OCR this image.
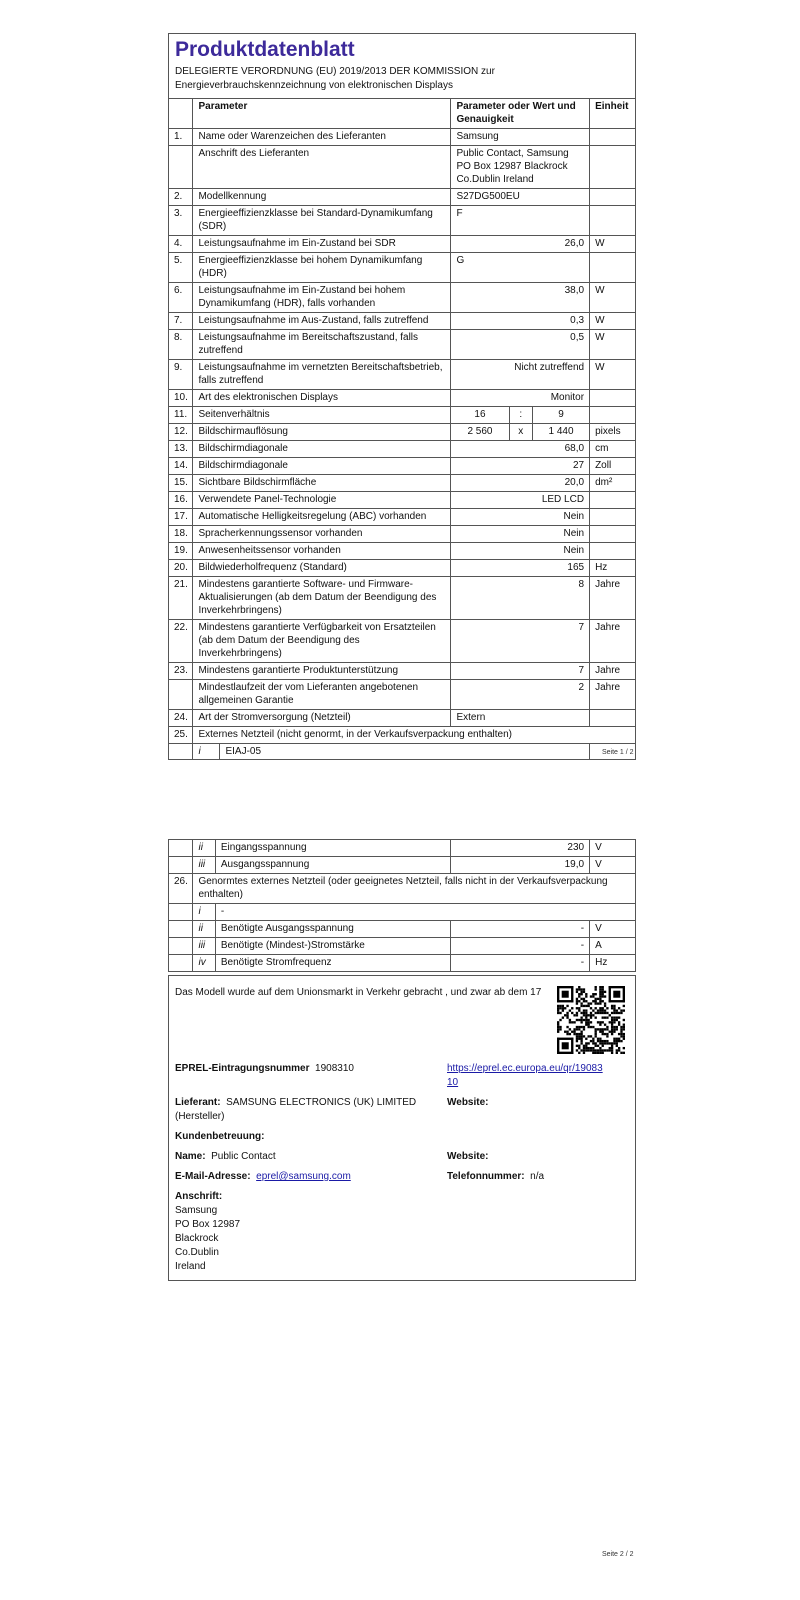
Produktdatenblatt
DELEGIERTE VERORDNUNG (EU) 2019/2013 DER KOMMISSION zur Energieverbrauchskennzeichnung von elektronischen Displays
	Parameter	Parameter oder Wert und Genauigkeit			Einheit
1.	Name oder Warenzeichen des Lieferanten	Samsung			
	Anschrift des Lieferanten	Public Contact, Samsung PO Box 12987 Blackrock Co.Dublin Ireland			
2.	Modellkennung	S27DG500EU			
3.	Energieeffizienzklasse bei Standard-Dynamikumfang (SDR)	F			
4.	Leistungsaufnahme im Ein-Zustand bei SDR	26,0			W
5.	Energieeffizienzklasse bei hohem Dynamikumfang (HDR)	G			
6.	Leistungsaufnahme im Ein-Zustand bei hohem Dynamikumfang (HDR), falls vorhanden	38,0			W
7.	Leistungsaufnahme im Aus-Zustand, falls zutreffend	0,3			W
8.	Leistungsaufnahme im Bereitschaftszustand, falls zutreffend	0,5			W
9.	Leistungsaufnahme im vernetzten Bereitschaftsbetrieb, falls zutreffend	Nicht zutreffend			W
10.	Art des elektronischen Displays	Monitor			
11.	Seitenverhältnis	16	:	9	
12.	Bildschirmauflösung	2 560	x	1 440	pixels
13.	Bildschirmdiagonale	68,0			cm
14.	Bildschirmdiagonale	27			Zoll
15.	Sichtbare Bildschirmfläche	20,0			dm²
16.	Verwendete Panel-Technologie	LED LCD			
17.	Automatische Helligkeitsregelung (ABC) vorhanden	Nein			
18.	Spracherkennungssensor vorhanden	Nein			
19.	Anwesenheitssensor vorhanden	Nein			
20.	Bildwiederholfrequenz (Standard)	165			Hz
21.	Mindestens garantierte Software- und Firmware-Aktualisierungen (ab dem Datum der Beendigung des Inverkehrbringens)	8			Jahre
22.	Mindestens garantierte Verfügbarkeit von Ersatzteilen (ab dem Datum der Beendigung des Inverkehrbringens)	7			Jahre
23.	Mindestens garantierte Produktunterstützung	7			Jahre
	Mindestlaufzeit der vom Lieferanten angebotenen allgemeinen Garantie	2			Jahre
24.	Art der Stromversorgung (Netzteil)	Extern			
25.	Externes Netzteil (nicht genormt, in der Verkaufsverpackung enthalten)				

	i EIAJ-05				
		Seite 1 / 2
	ii	Eingangsspannung	230	V
	iii	Ausgangsspannung	19,0	V
26.	Genormtes externes Netzteil (oder geeignetes Netzteil, falls nicht in der Verkaufsverpackung enthalten)			
	i	-		
	ii	Benötigte Ausgangsspannung	-	V
	iii	Benötigte (Mindest-)Stromstärke	-	A
	iv	Benötigte Stromfrequenz	-	Hz
Das Modell wurde auf dem Unionsmarkt in Verkehr gebracht , und zwar ab dem 17
EPREL-Eintragungsnummer 1908310	https://eprel.ec.europa.eu/qr/1908310
Lieferant: SAMSUNG ELECTRONICS (UK) LIMITED (Hersteller)
Website:
Kundenbetreuung:
Name: Public Contact	Website:
E-Mail-Adresse: eprel@samsung.com	Telefonnummer: n/a
Anschrift:
Samsung
PO Box 12987
Blackrock
Co.Dublin
Ireland
Seite 2 / 2
